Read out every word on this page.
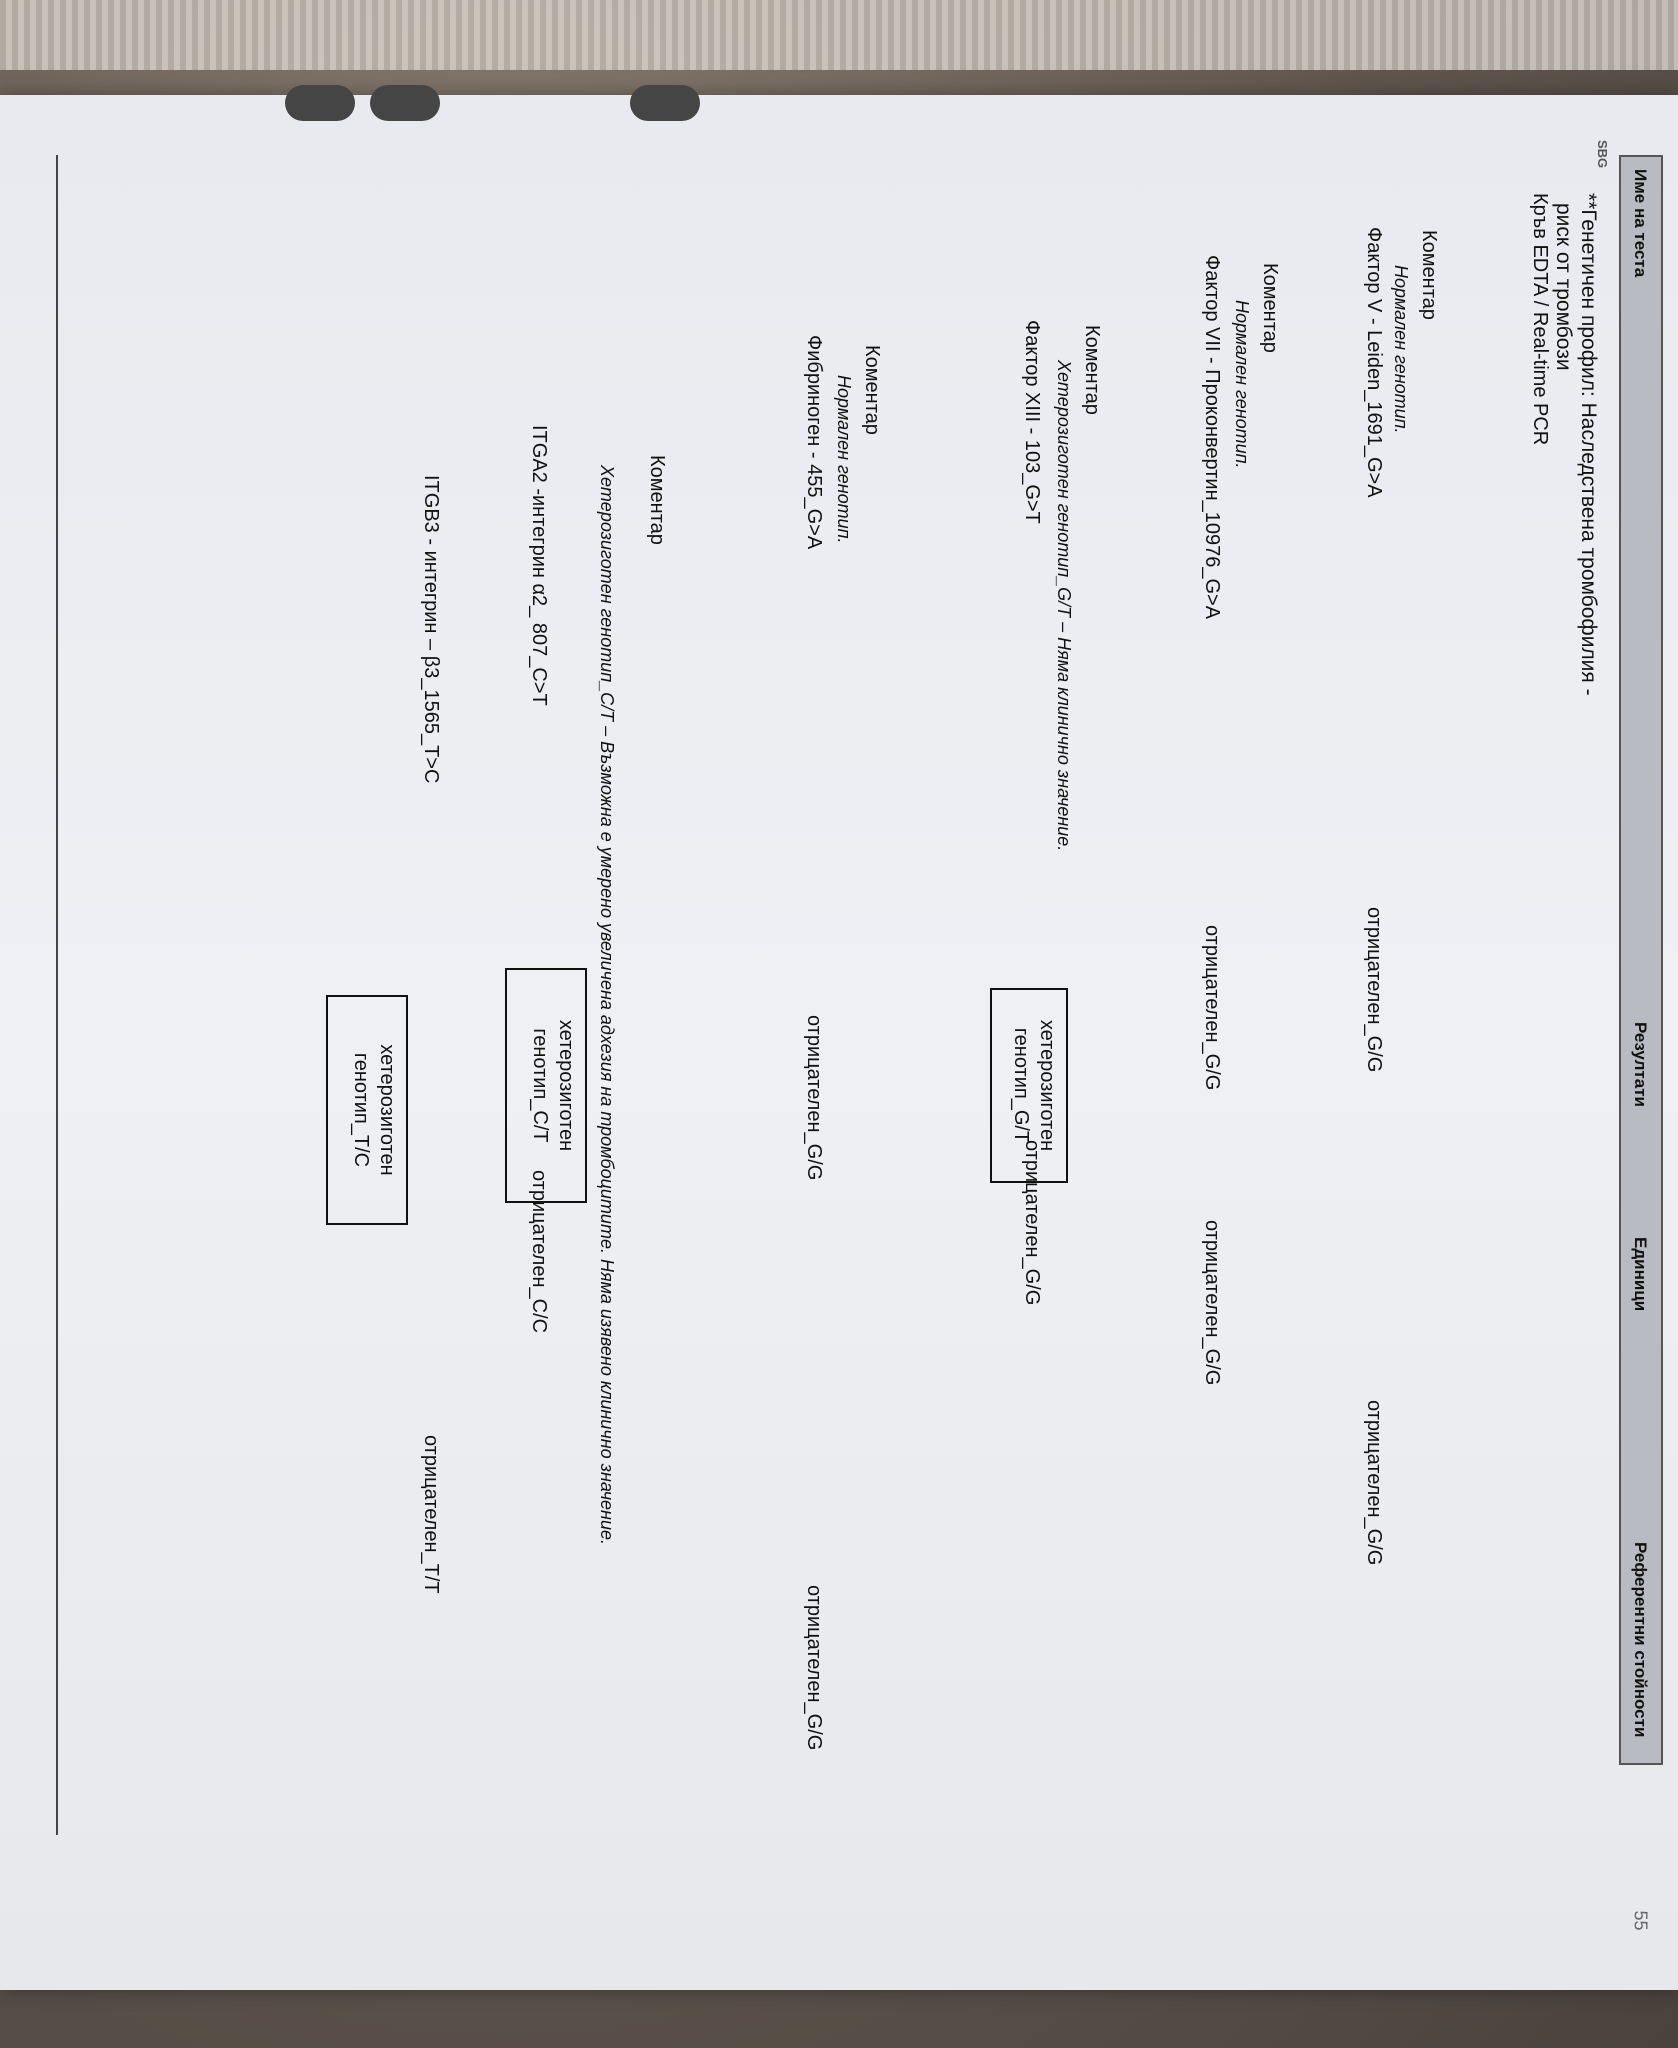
Име на теста
Резултати
Единици
Референтни стойности
SBG
**Генетичен профил: Наследствена тромбофилия -
риск от тромбози
Кръв EDTA / Real-time PCR
Коментар
Нормален генотип.
Фактор V - Leiden_1691_G>A
отрицателен_G/G
отрицателен_G/G
Коментар
Нормален генотип.
Фактор VII - Проконвертин_10976_G>A
отрицателен_G/G
отрицателен_G/G
Коментар
Хетерозиготен генотип_G/T – Няма клинично значение.
Фактор XIII - 103_G>T
хетерозиготен
генотип_G/T
отрицателен_G/G
Коментар
Нормален генотип.
Фибриноген - 455_G>A
отрицателен_G/G
отрицателен_G/G
Коментар
Хетерозиготен генотип_C/T – Възможна е умерено увеличена адхезия на тромбоцитите. Няма изявено клинично значение.
ITGA2 -интегрин α2_ 807_C>T
хетерозиготен
генотип_C/T
отрицателен_C/C
ITGB3 - интегрин – β3_1565_T>C
хетерозиготен
генотип_T/C
отрицателен_T/T
55
